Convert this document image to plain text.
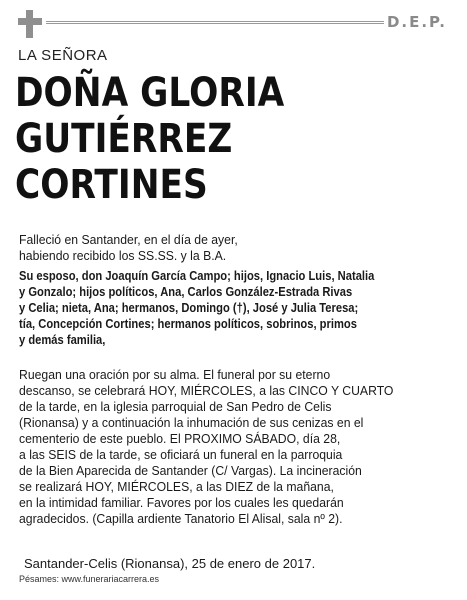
D.E.P.
LA SEÑORA
DOÑA GLORIA
GUTIÉRREZ
CORTINES
Falleció en Santander, en el día de ayer,
habiendo recibido los SS.SS. y la B.A.
Su esposo, don Joaquín García Campo; hijos, Ignacio Luis, Natalia
y Gonzalo; hijos políticos, Ana, Carlos González-Estrada Rivas
y Celia; nieta, Ana; hermanos, Domingo (†), José y Julia Teresa;
tía, Concepción Cortines; hermanos políticos, sobrinos, primos
y demás familia,
Ruegan una oración por su alma. El funeral por su eterno
descanso, se celebrará HOY, MIÉRCOLES, a las CINCO Y CUARTO
de la tarde, en la iglesia parroquial de San Pedro de Celis
(Rionansa) y a continuación la inhumación de sus cenizas en el
cementerio de este pueblo. El PROXIMO SÁBADO, día 28,
a las SEIS de la tarde, se oficiará un funeral en la parroquia
de la Bien Aparecida de Santander (C/ Vargas). La incineración
se realizará HOY, MIÉRCOLES, a las DIEZ de la mañana,
en la intimidad familiar. Favores por los cuales les quedarán
agradecidos. (Capilla ardiente Tanatorio El Alisal, sala nº 2).
Santander-Celis (Rionansa), 25 de enero de 2017.
Pésames: www.funerariacarrera.es
